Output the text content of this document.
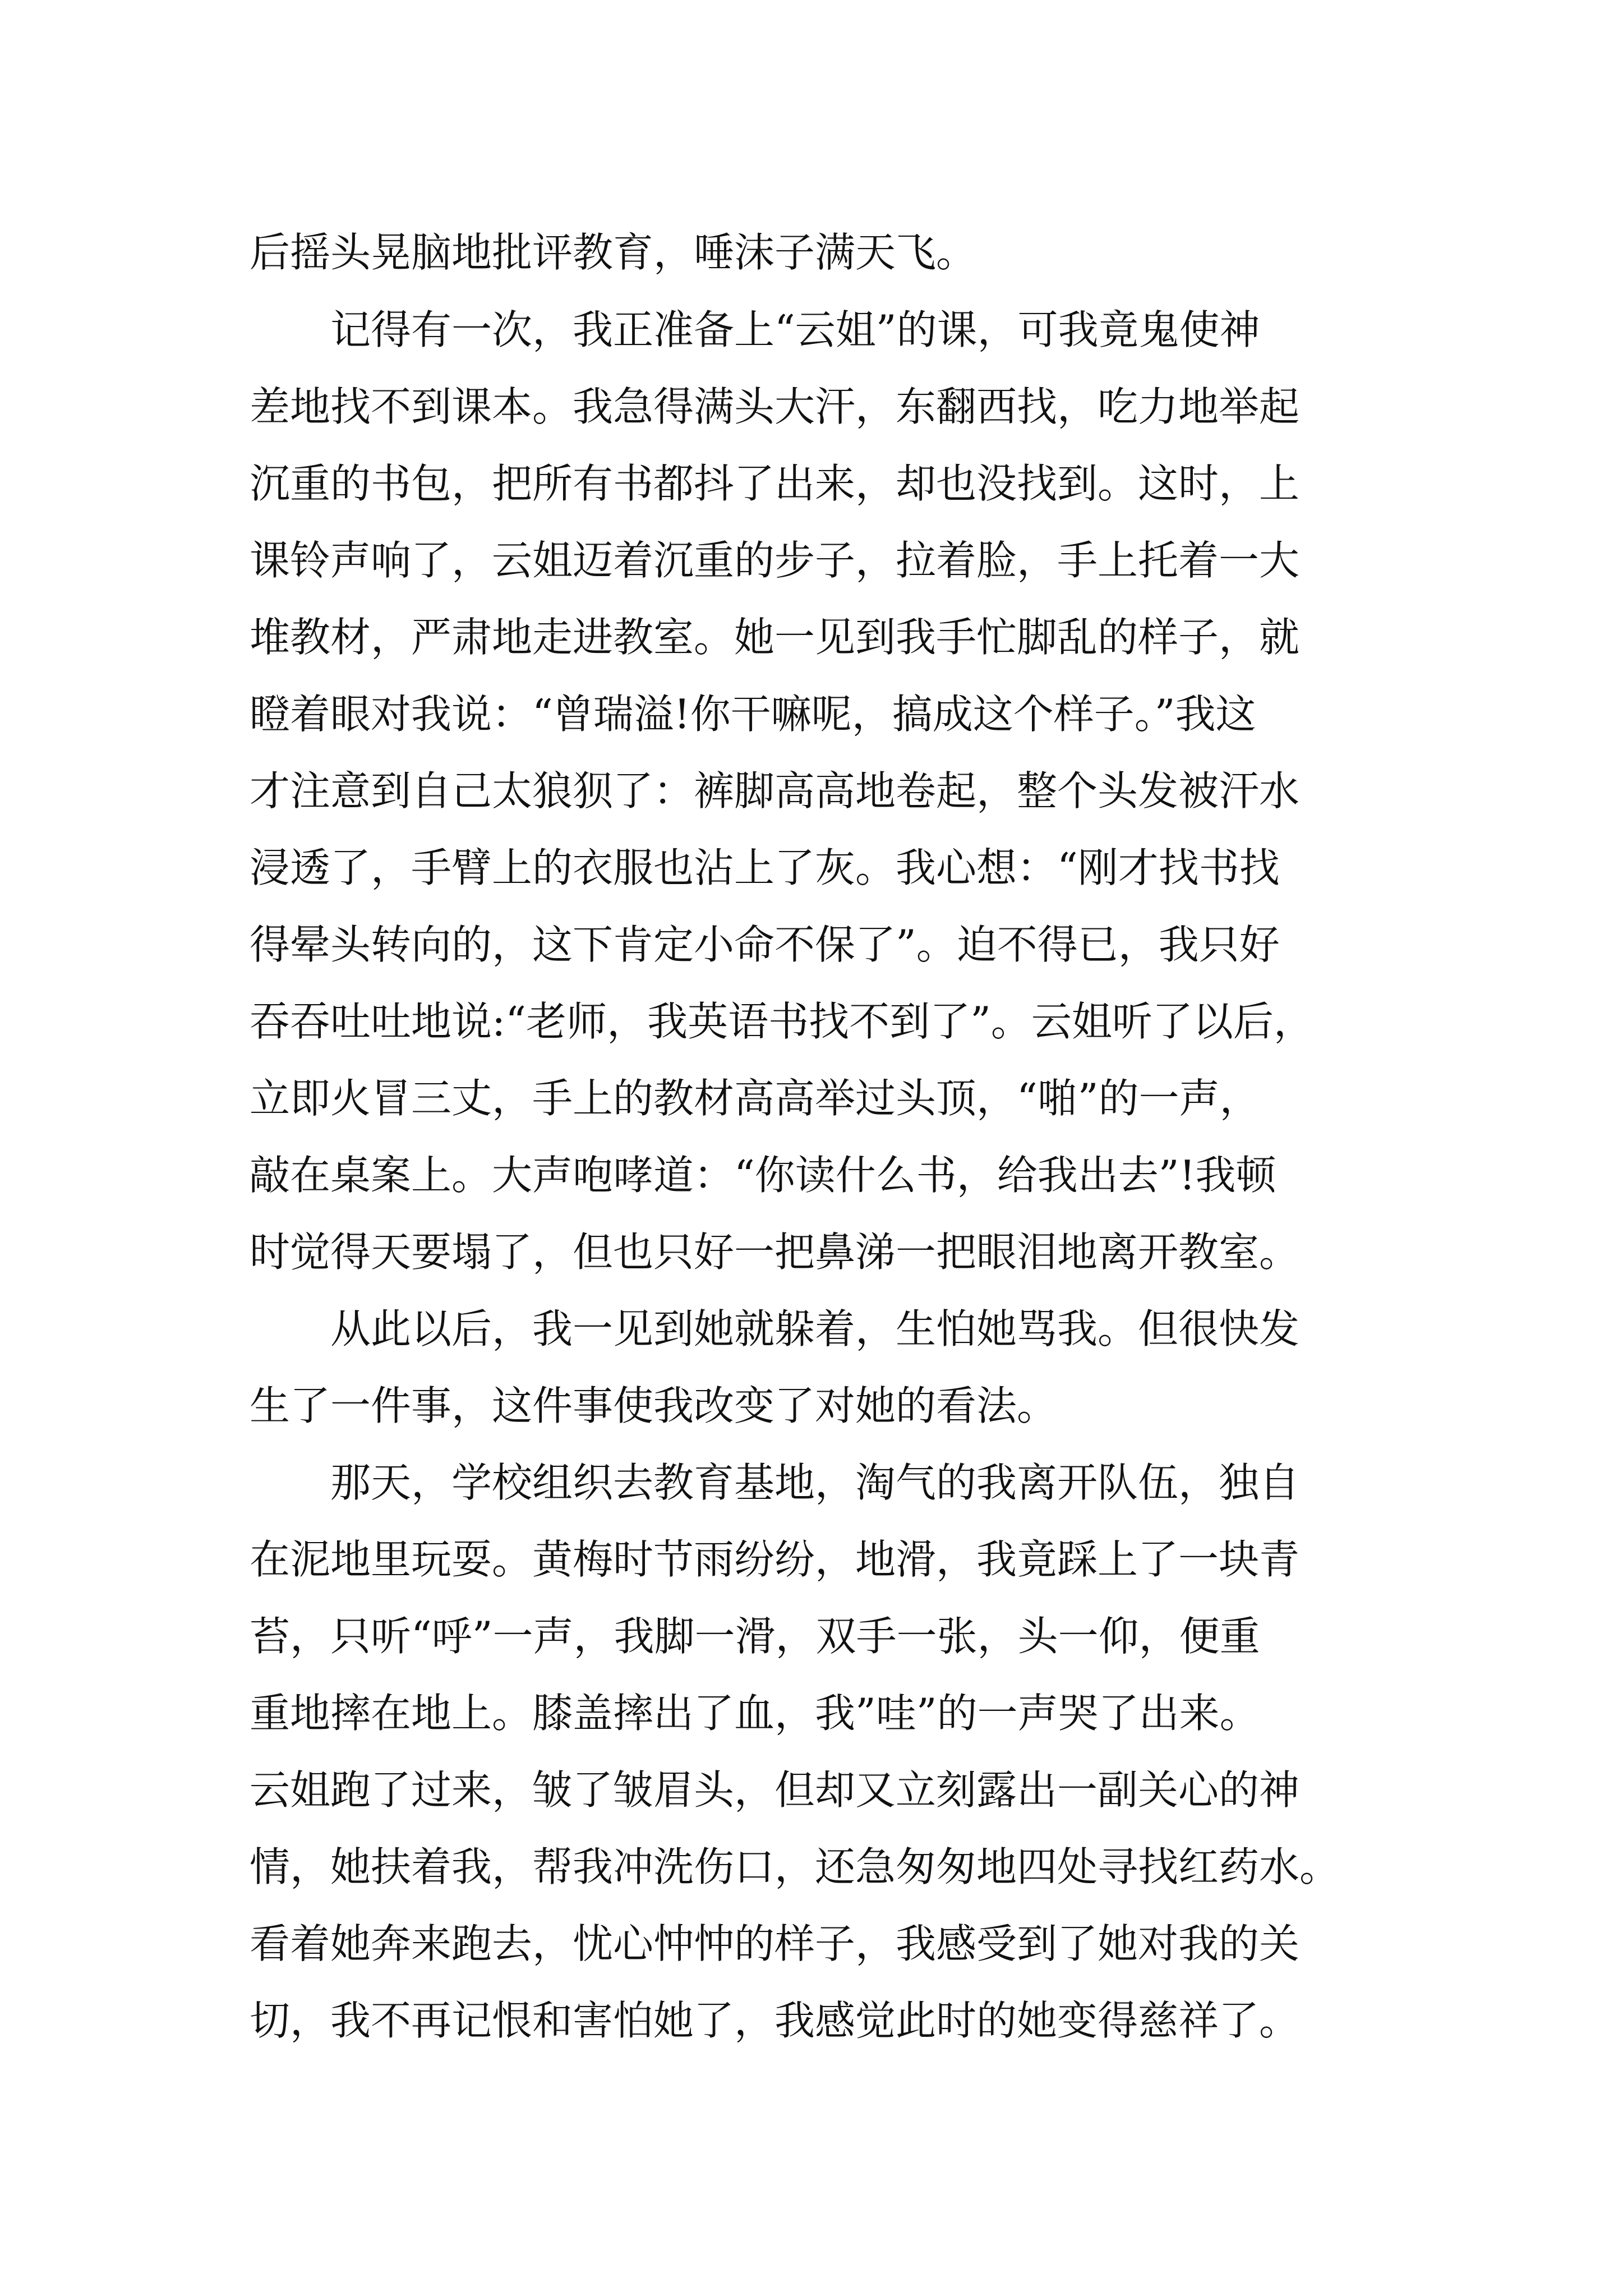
后摇头晃脑地批评教育，唾沫子满天飞。
　　记得有一次，我正准备上“云姐”的课，可我竟鬼使神
差地找不到课本。我急得满头大汗，东翻西找，吃力地举起
沉重的书包，把所有书都抖了出来，却也没找到。这时，上
课铃声响了，云姐迈着沉重的步子，拉着脸，手上托着一大
堆教材，严肃地走进教室。她一见到我手忙脚乱的样子，就
瞪着眼对我说：“曾瑞溢!你干嘛呢，搞成这个样子。”我这
才注意到自己太狼狈了：裤脚高高地卷起，整个头发被汗水
浸透了，手臂上的衣服也沾上了灰。我心想：“刚才找书找
得晕头转向的，这下肯定小命不保了”。迫不得已，我只好
吞吞吐吐地说:“老师，我英语书找不到了”。云姐听了以后，
立即火冒三丈，手上的教材高高举过头顶，“啪”的一声，
敲在桌案上。大声咆哮道：“你读什么书，给我出去”!我顿
时觉得天要塌了，但也只好一把鼻涕一把眼泪地离开教室。
　　从此以后，我一见到她就躲着，生怕她骂我。但很快发
生了一件事，这件事使我改变了对她的看法。
　　那天，学校组织去教育基地，淘气的我离开队伍，独自
在泥地里玩耍。黄梅时节雨纷纷，地滑，我竟踩上了一块青
苔，只听“呼”一声，我脚一滑，双手一张，头一仰，便重
重地摔在地上。膝盖摔出了血，我”哇”的一声哭了出来。
云姐跑了过来，皱了皱眉头，但却又立刻露出一副关心的神
情，她扶着我，帮我冲洗伤口，还急匆匆地四处寻找红药水。
看着她奔来跑去，忧心忡忡的样子，我感受到了她对我的关
切，我不再记恨和害怕她了，我感觉此时的她变得慈祥了。
